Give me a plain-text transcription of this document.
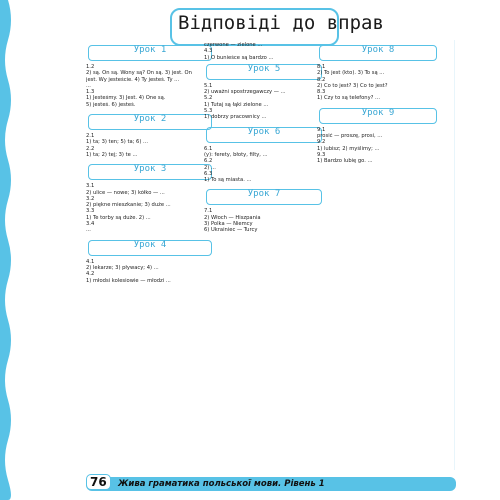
Відповіді до вправ
Урок 1
1.2
2) są. On są. Wony są? On są. 3) jest. On
jest. Wy jesteście. 4) Ty jesteś. Ty ...
...
1.3
1) Jesteśmy. 3) Jest. 4) One są.
5) jesteś. 6) jesteś.
Урок 2
2.1
1) ta; 3) ten; 5) ta; 6) ...
2.2
1) ta; 2) tej; 3) te ...
Урок 3
3.1
2) ulice — nowe; 3) kółko — ...
3.2
2) piękne mieszkanie; 3) duże ...
3.3
1) Te torby są duże. 2) ...
3.4
...
Урок 4
4.1
2) lekarze; 3) pływacy; 4) ...
4.2
1) młodsi kolesiowie — młodzi ...
czerwone — zielone ...
4.3
1) O bunieśce są bardzo ...
Урок 5
5.1
2) uważni spostrzegawczy — ...
5.2
1) Tutaj są łąki zielone ...
5.3
1) dobrzy pracownicy ...
Урок 6
6.1
(y): ferety, błoty, filty, ...
6.2
2) ...
6.3
1) To są miasta. ...
Урок 7
7.1
2) Włoch — Hiszpania
3) Polka — Niemcy
6) Ukrainiec — Turcy
Урок 8
8.1
2) To jest (kto). 3) To są ...
8.2
2) Co to jest? 3) Co to jest?
8.3
1) Czy to są telefony? ...
Урок 9
9.1
prosić — proszę, prosi, ...
9.2
1) lubisz; 2) myślimy; ...
9.3
1) Bardzo lubię go. ...
76	Жива граматика польської мови. Рівень 1
